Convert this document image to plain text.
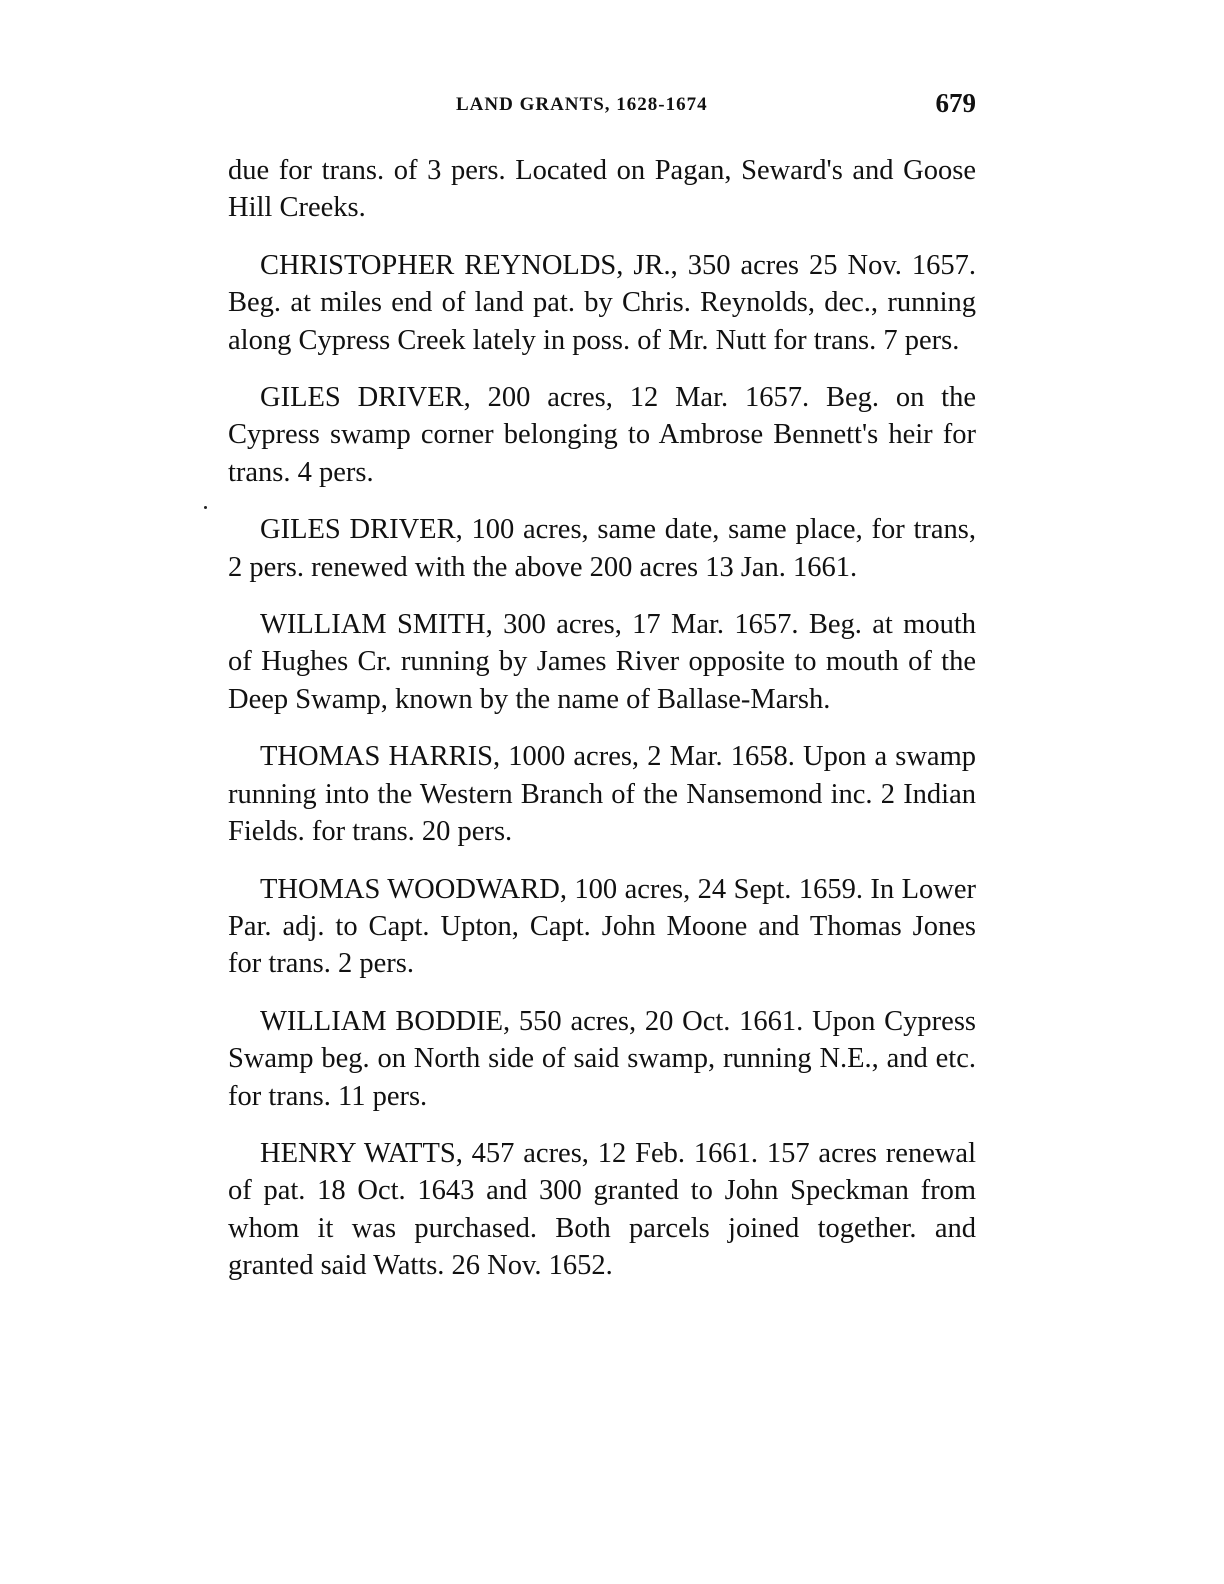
LAND GRANTS, 1628-1674	679

due for trans. of 3 pers. Located on Pagan, Seward's and Goose Hill Creeks.

CHRISTOPHER REYNOLDS, JR., 350 acres 25 Nov. 1657. Beg. at miles end of land pat. by Chris. Reynolds, dec., running along Cypress Creek lately in poss. of Mr. Nutt for trans. 7 pers.

GILES DRIVER, 200 acres, 12 Mar. 1657. Beg. on the Cypress swamp corner belonging to Ambrose Bennett's heir for trans. 4 pers.

GILES DRIVER, 100 acres, same date, same place, for trans, 2 pers. renewed with the above 200 acres 13 Jan. 1661.

WILLIAM SMITH, 300 acres, 17 Mar. 1657. Beg. at mouth of Hughes Cr. running by James River opposite to mouth of the Deep Swamp, known by the name of Ballase-Marsh.

THOMAS HARRIS, 1000 acres, 2 Mar. 1658. Upon a swamp running into the Western Branch of the Nansemond inc. 2 Indian Fields. for trans. 20 pers.

THOMAS WOODWARD, 100 acres, 24 Sept. 1659. In Lower Par. adj. to Capt. Upton, Capt. John Moone and Thomas Jones for trans. 2 pers.

WILLIAM BODDIE, 550 acres, 20 Oct. 1661. Upon Cypress Swamp beg. on North side of said swamp, running N.E., and etc. for trans. 11 pers.

HENRY WATTS, 457 acres, 12 Feb. 1661. 157 acres renewal of pat. 18 Oct. 1643 and 300 granted to John Speckman from whom it was purchased. Both parcels joined together. and granted said Watts. 26 Nov. 1652.
